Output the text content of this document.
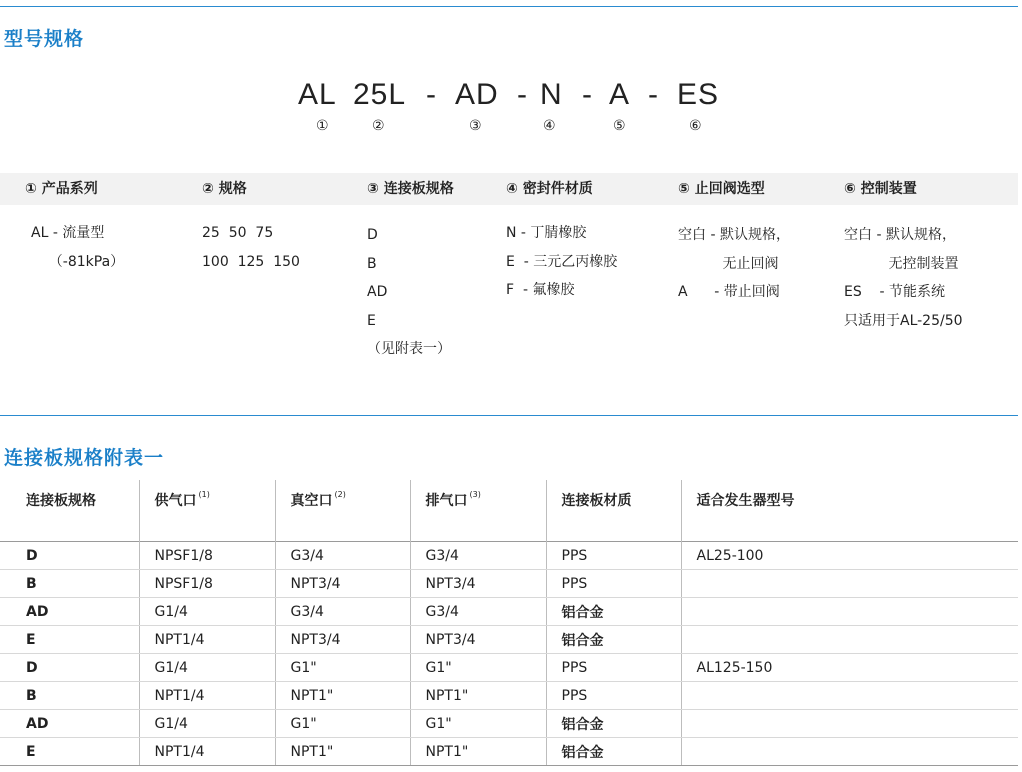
型号规格
AL 25L - AD - N - A - ES
①	②	③	④	⑤	⑥
① 产品系列
AL - 流量型
（-81kPa）
② 规格
25  50  75
100  125  150
③ 连接板规格
D
B
AD
E
（见附表一）
④ 密封件材质
N - 丁腈橡胶
E  - 三元乙丙橡胶
F  - 氟橡胶
⑤ 止回阀选型
空白 - 默认规格，
无止回阀
A      - 带止回阀
⑥ 控制装置
空白 - 默认规格，
无控制装置
ES    - 节能系统
只适用于AL-25/50
连接板规格附表一
连接板规格	供气口 $^{(1)}$	真空口 $^{(2)}$	排气口 $^{(3)}$	连接板材质	适合发生器型号
D	NPSF1/8	G3/4	G3/4	PPS	AL25-100
B	NPSF1/8	NPT3/4	NPT3/4	PPS	
AD	G1/4	G3/4	G3/4	铝合金	
E	NPT1/4	NPT3/4	NPT3/4	铝合金	
D	G1/4	G1"	G1"	PPS	AL125-150
B	NPT1/4	NPT1"	NPT1"	PPS	
AD	G1/4	G1"	G1"	铝合金	
E	NPT1/4	NPT1"	NPT1"	铝合金	
